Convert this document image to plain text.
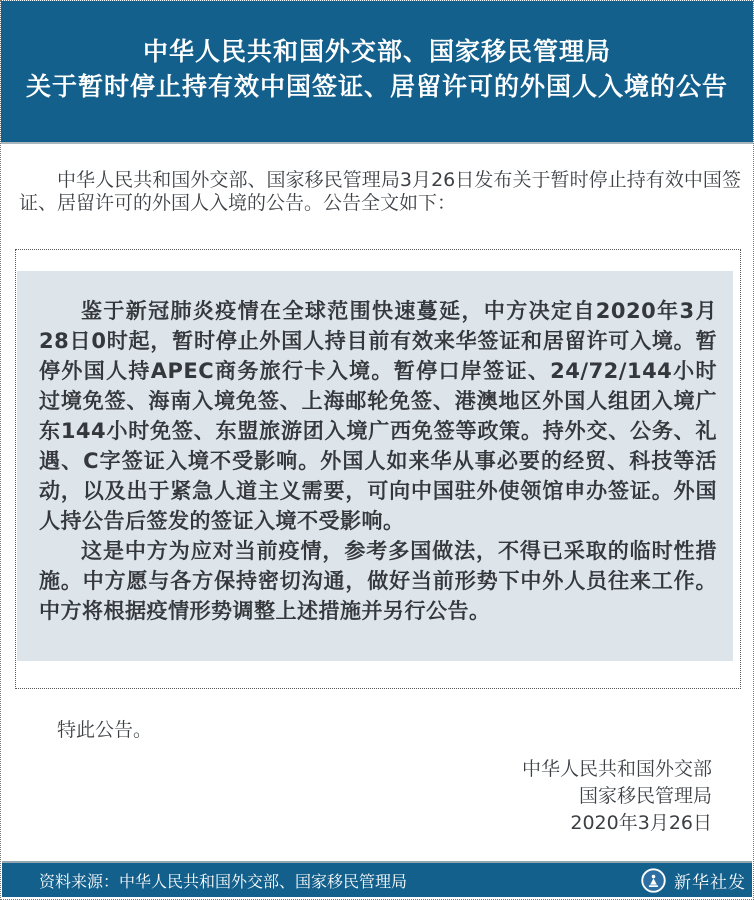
中华人民共和国外交部、国家移民管理局
关于暂时停止持有效中国签证、居留许可的外国人入境的公告

中华人民共和国外交部、国家移民管理局3月26日发布关于暂时停止持有效中国签证、居留许可的外国人入境的公告。公告全文如下：

鉴于新冠肺炎疫情在全球范围快速蔓延，中方决定自2020年3月28日0时起，暂时停止外国人持目前有效来华签证和居留许可入境。暂停外国人持APEC商务旅行卡入境。暂停口岸签证、24/72/144小时过境免签、海南入境免签、上海邮轮免签、港澳地区外国人组团入境广东144小时免签、东盟旅游团入境广西免签等政策。持外交、公务、礼遇、C字签证入境不受影响。外国人如来华从事必要的经贸、科技等活动，以及出于紧急人道主义需要，可向中国驻外使领馆申办签证。外国人持公告后签发的签证入境不受影响。

这是中方为应对当前疫情，参考多国做法，不得已采取的临时性措施。中方愿与各方保持密切沟通，做好当前形势下中外人员往来工作。中方将根据疫情形势调整上述措施并另行公告。

特此公告。

中华人民共和国外交部
国家移民管理局
2020年3月26日
资料来源：中华人民共和国外交部、国家移民管理局	新华社发
